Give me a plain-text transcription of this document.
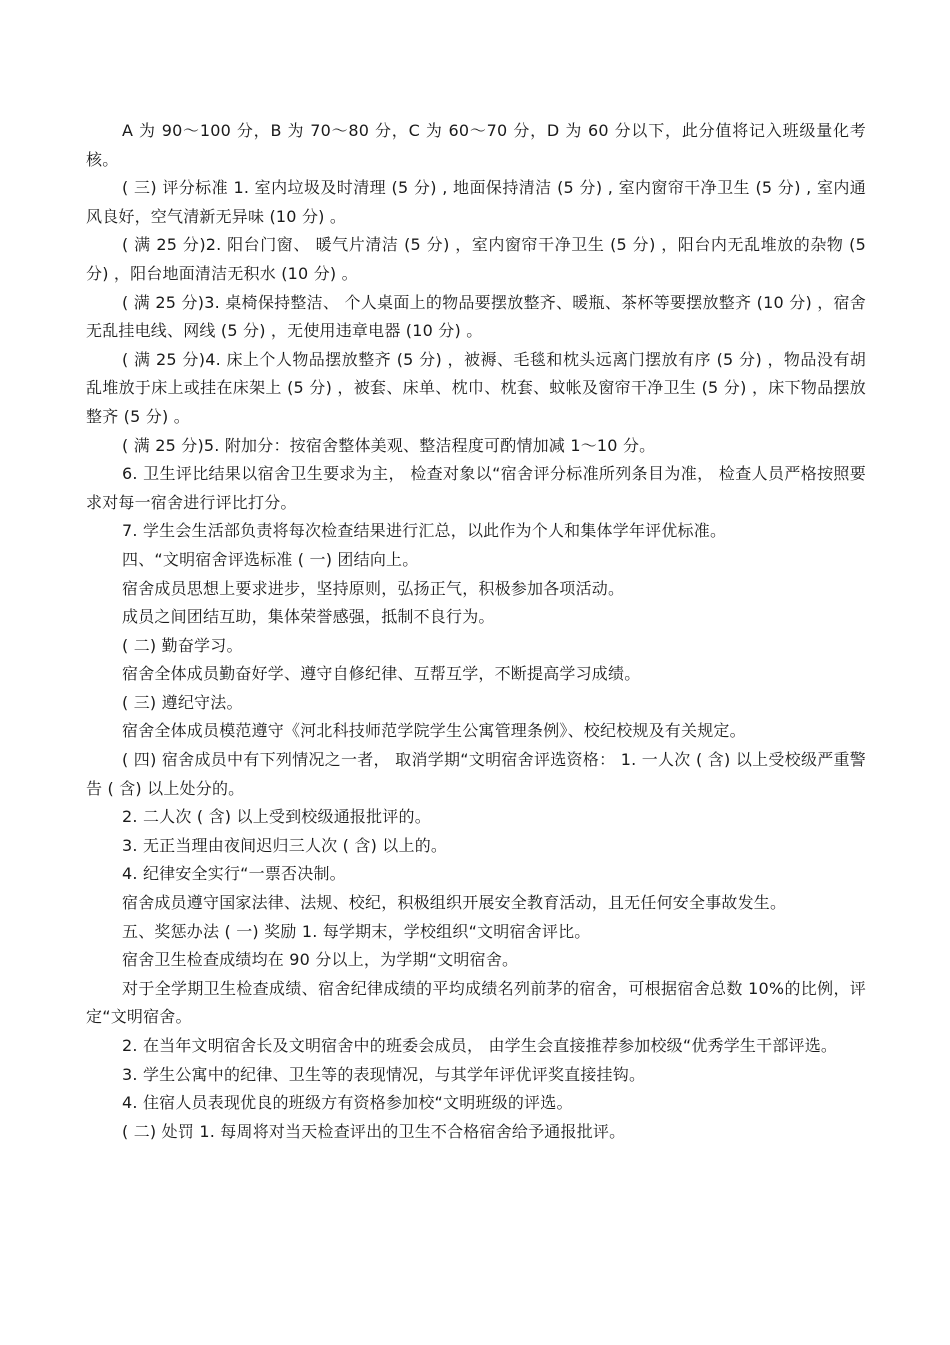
A 为 90～100 分，B 为 70～80 分，C 为 60～70 分，D 为 60 分以下，此分值将记入班级量化考核。

( 三) 评分标准 1. 室内垃圾及时清理 (5 分) , 地面保持清洁 (5 分) , 室内窗帘干净卫生 (5 分) , 室内通风良好，空气清新无异味 (10 分) 。

( 满 25 分)2. 阳台门窗、 暖气片清洁 (5 分) ，室内窗帘干净卫生 (5 分) ，阳台内无乱堆放的杂物 (5 分) ，阳台地面清洁无积水 (10 分) 。

( 满 25 分)3. 桌椅保持整洁、 个人桌面上的物品要摆放整齐、暖瓶、茶杯等要摆放整齐 (10 分) ，宿舍无乱挂电线、网线 (5 分) ，无使用违章电器 (10 分) 。

( 满 25 分)4. 床上个人物品摆放整齐 (5 分) ，被褥、毛毯和枕头远离门摆放有序 (5 分) ，物品没有胡乱堆放于床上或挂在床架上 (5 分) ，被套、床单、枕巾、枕套、蚊帐及窗帘干净卫生 (5 分) ，床下物品摆放整齐 (5 分) 。

( 满 25 分)5. 附加分：按宿舍整体美观、整洁程度可酌情加减 1～10 分。

6. 卫生评比结果以宿舍卫生要求为主， 检查对象以“宿舍评分标准所列条目为准， 检查人员严格按照要求对每一宿舍进行评比打分。

7. 学生会生活部负责将每次检查结果进行汇总，以此作为个人和集体学年评优标准。

四、“文明宿舍评选标准 ( 一) 团结向上。

宿舍成员思想上要求进步，坚持原则，弘扬正气，积极参加各项活动。

成员之间团结互助，集体荣誉感强，抵制不良行为。

( 二) 勤奋学习。

宿舍全体成员勤奋好学、遵守自修纪律、互帮互学，不断提高学习成绩。

( 三) 遵纪守法。

宿舍全体成员模范遵守《河北科技师范学院学生公寓管理条例》、校纪校规及有关规定。

( 四) 宿舍成员中有下列情况之一者， 取消学期“文明宿舍评选资格： 1. 一人次 ( 含) 以上受校级严重警告 ( 含) 以上处分的。

2. 二人次 ( 含) 以上受到校级通报批评的。

3. 无正当理由夜间迟归三人次 ( 含) 以上的。

4. 纪律安全实行“一票否决制。

宿舍成员遵守国家法律、法规、校纪，积极组织开展安全教育活动，且无任何安全事故发生。

五、奖惩办法 ( 一) 奖励 1. 每学期末，学校组织“文明宿舍评比。

宿舍卫生检查成绩均在 90 分以上，为学期“文明宿舍。

对于全学期卫生检查成绩、宿舍纪律成绩的平均成绩名列前茅的宿舍，可根据宿舍总数 10%的比例，评定“文明宿舍。

2. 在当年文明宿舍长及文明宿舍中的班委会成员， 由学生会直接推荐参加校级“优秀学生干部评选。

3. 学生公寓中的纪律、卫生等的表现情况，与其学年评优评奖直接挂钩。

4. 住宿人员表现优良的班级方有资格参加校“文明班级的评选。

( 二) 处罚 1. 每周将对当天检查评出的卫生不合格宿舍给予通报批评。
